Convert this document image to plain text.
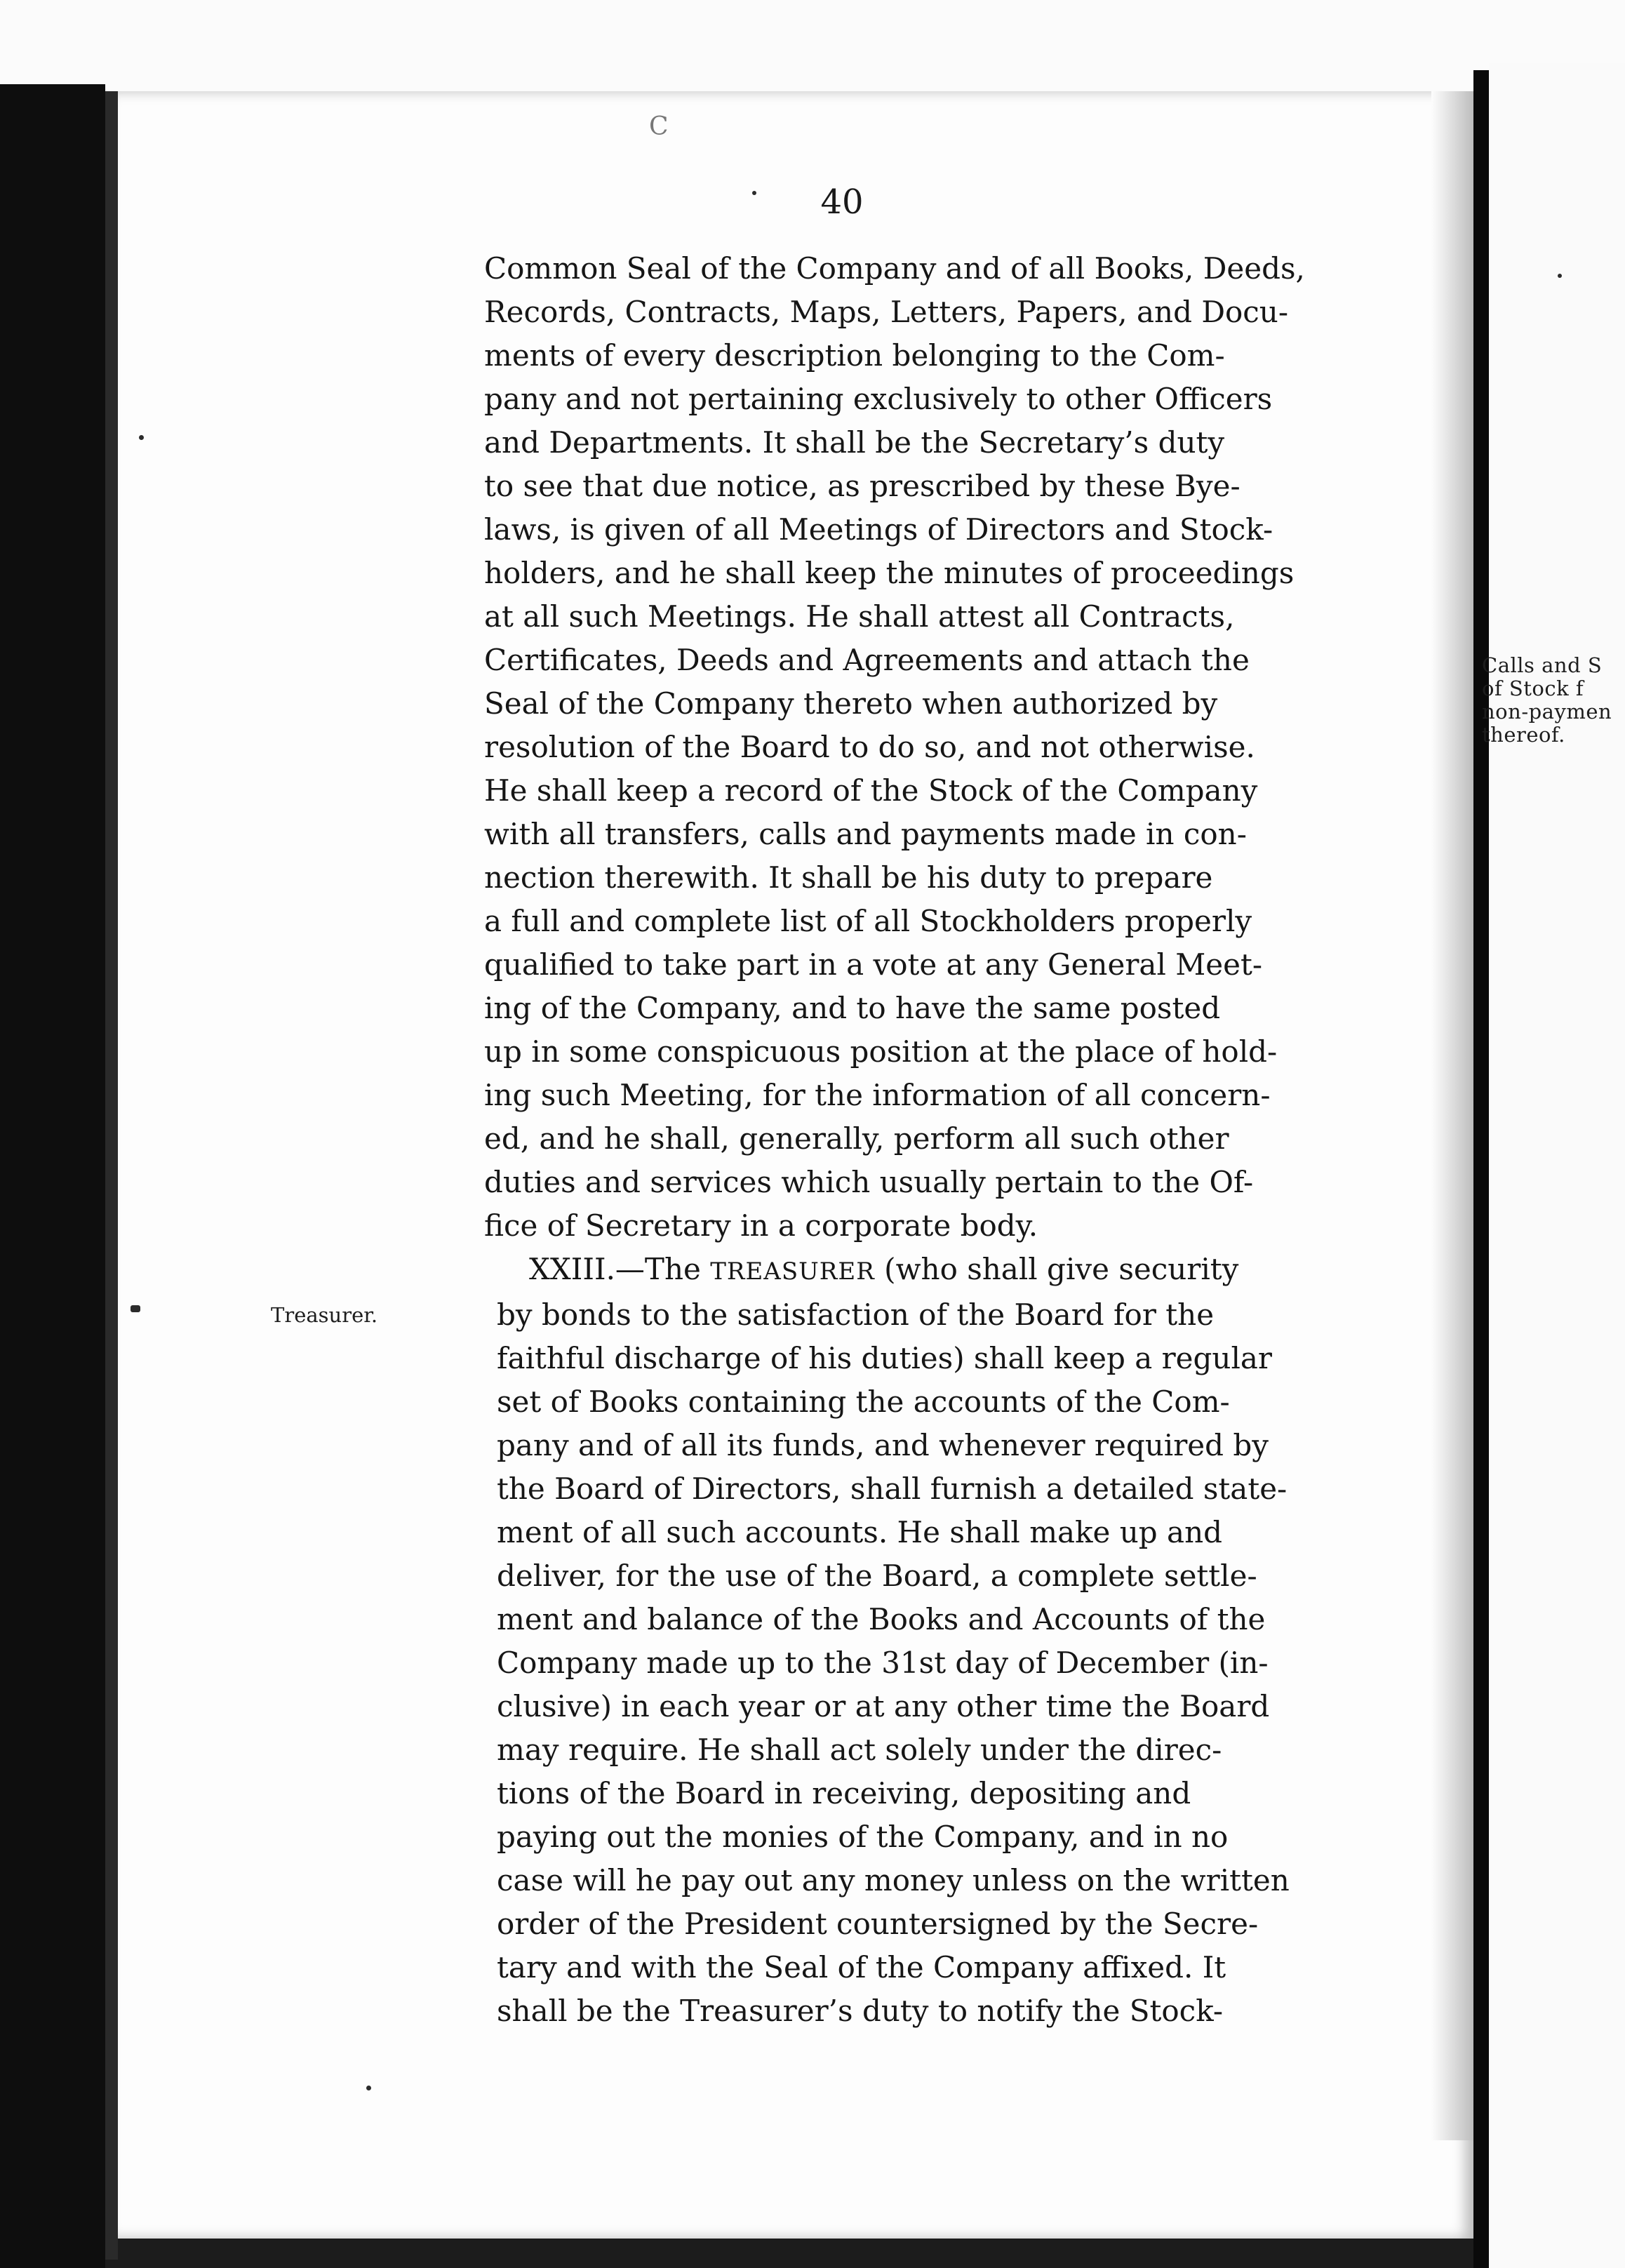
C
40
Treasurer.
Calls and S
of Stock f
non-paymen
thereof.
Common Seal of the Company and of all Books, Deeds,
Records, Contracts, Maps, Letters, Papers, and Docu-
ments of every description belonging to the Com-
pany and not pertaining exclusively to other Officers
and Departments. It shall be the Secretary’s duty
to see that due notice, as prescribed by these Bye-
laws, is given of all Meetings of Directors and Stock-
holders, and he shall keep the minutes of proceedings
at all such Meetings. He shall attest all Contracts,
Certificates, Deeds and Agreements and attach the
Seal of the Company thereto when authorized by
resolution of the Board to do so, and not otherwise.
He shall keep a record of the Stock of the Company
with all transfers, calls and payments made in con-
nection therewith. It shall be his duty to prepare
a full and complete list of all Stockholders properly
qualified to take part in a vote at any General Meet-
ing of the Company, and to have the same posted
up in some conspicuous position at the place of hold-
ing such Meeting, for the information of all concern-
ed, and he shall, generally, perform all such other
duties and services which usually pertain to the Of-
fice of Secretary in a corporate body.
XXIII.—The TREASURER (who shall give security
by bonds to the satisfaction of the Board for the
faithful discharge of his duties) shall keep a regular
set of Books containing the accounts of the Com-
pany and of all its funds, and whenever required by
the Board of Directors, shall furnish a detailed state-
ment of all such accounts. He shall make up and
deliver, for the use of the Board, a complete settle-
ment and balance of the Books and Accounts of the
Company made up to the 31st day of December (in-
clusive) in each year or at any other time the Board
may require. He shall act solely under the direc-
tions of the Board in receiving, depositing and
paying out the monies of the Company, and in no
case will he pay out any money unless on the written
order of the President countersigned by the Secre-
tary and with the Seal of the Company affixed. It
shall be the Treasurer’s duty to notify the Stock-
